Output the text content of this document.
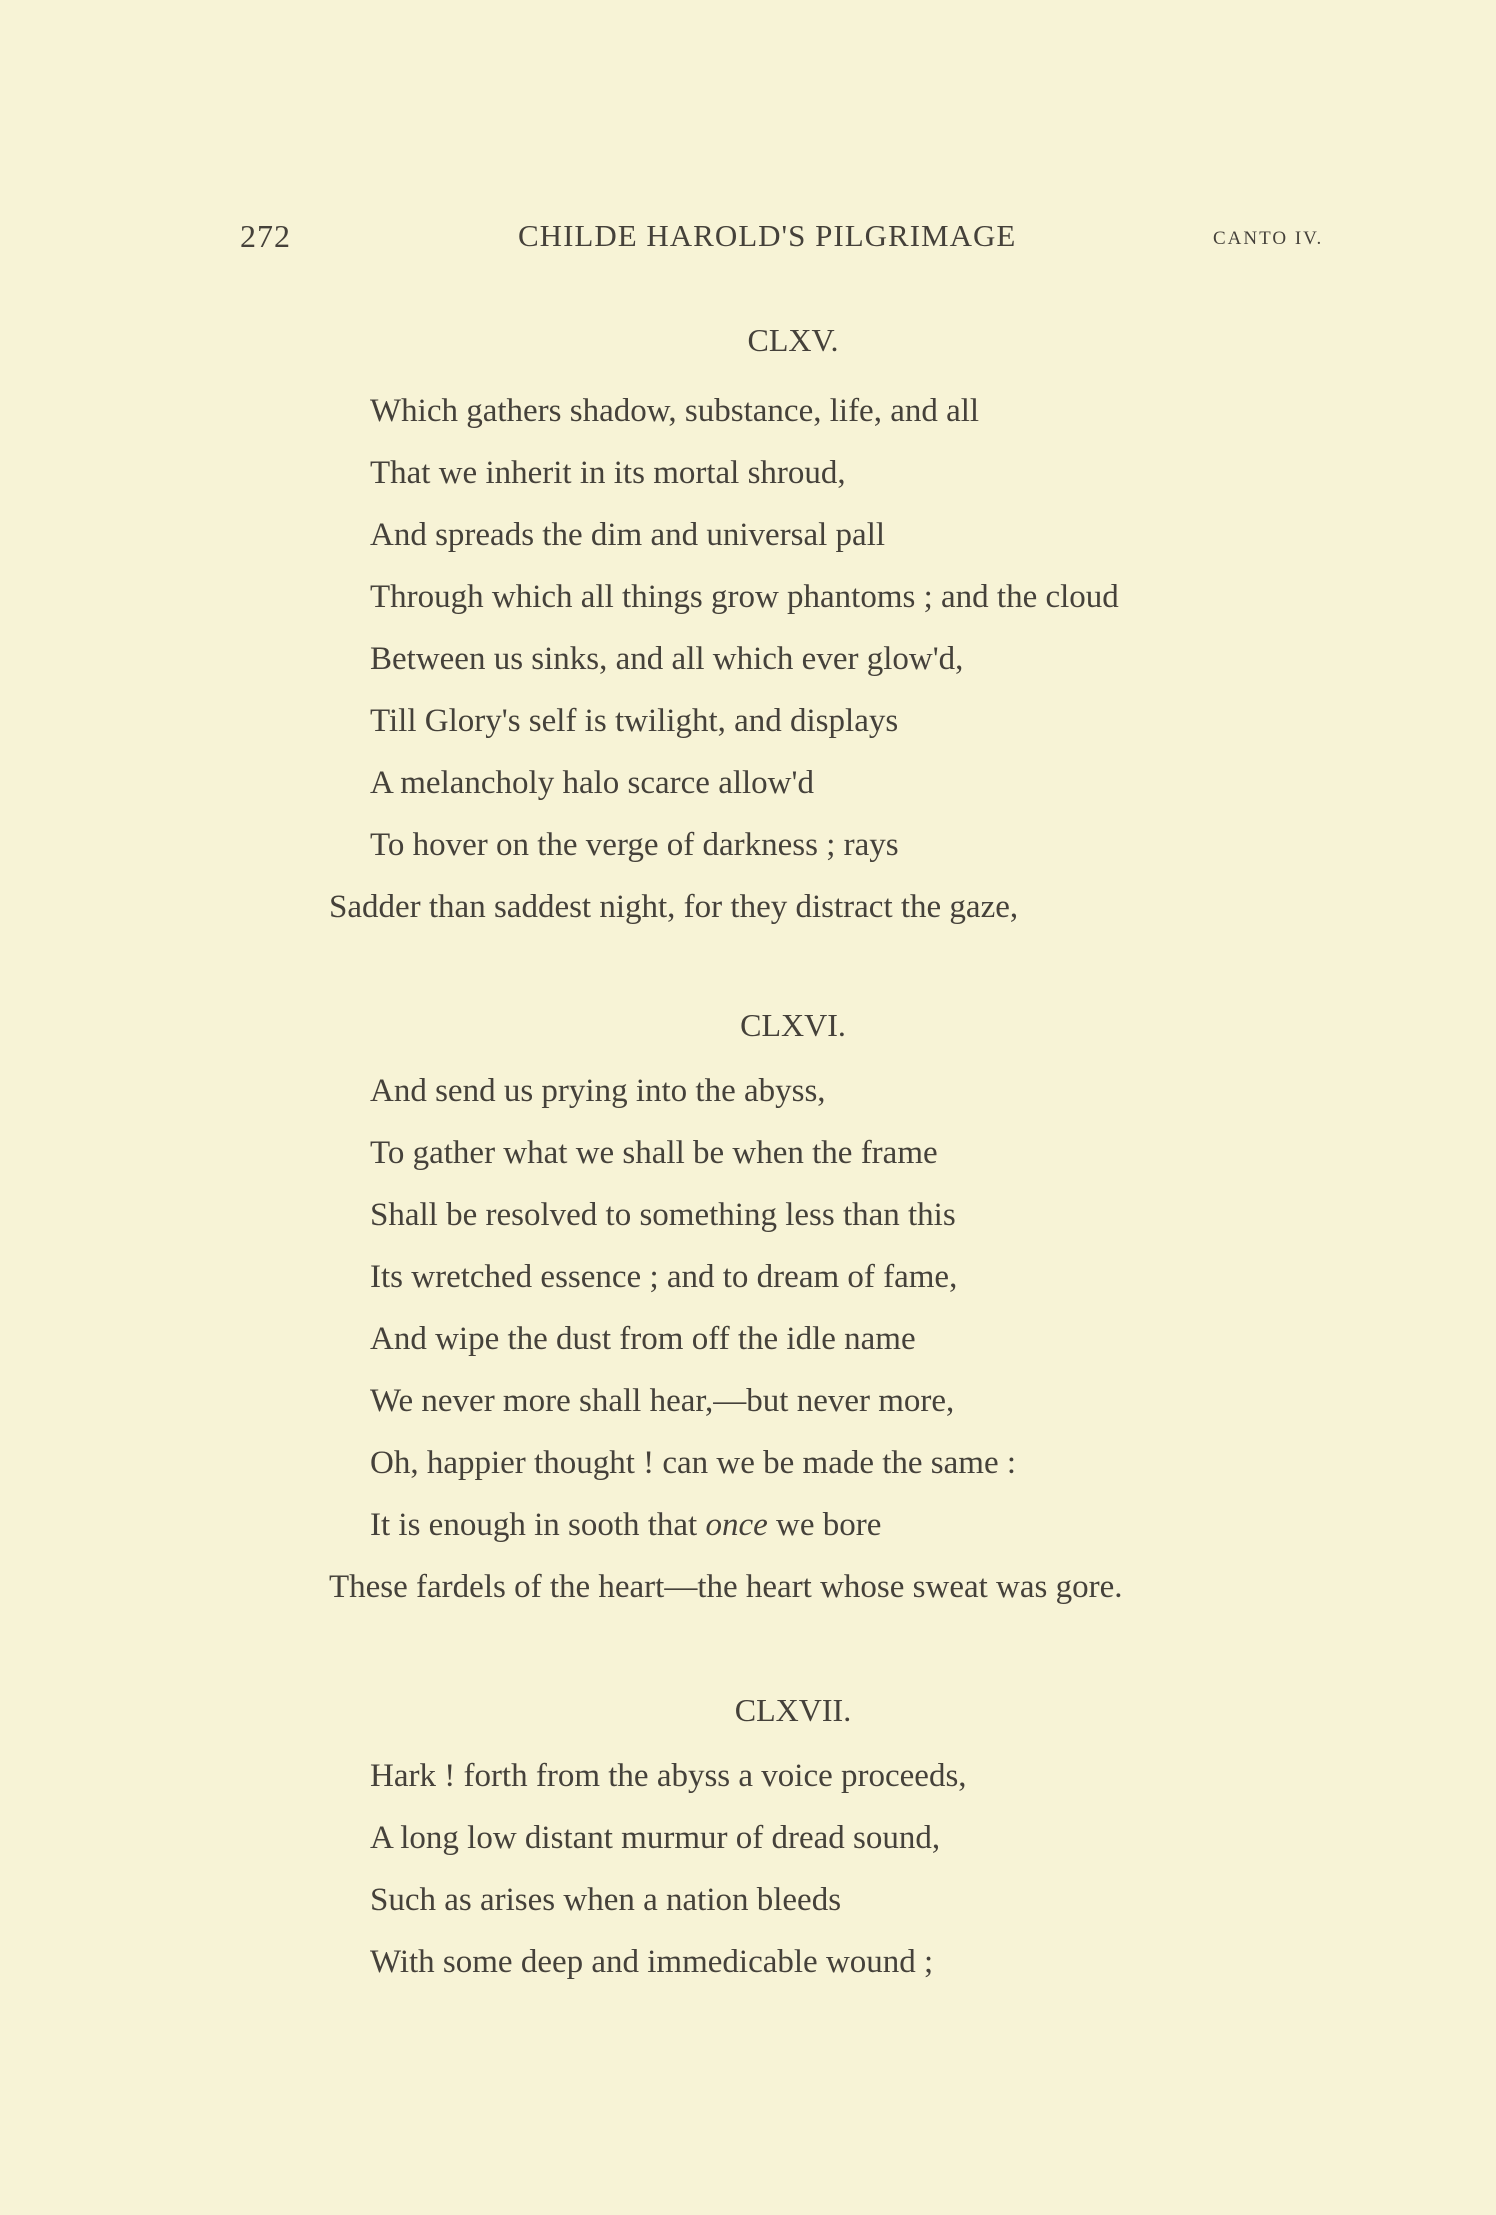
272	CHILDE HAROLD'S PILGRIMAGE	CANTO IV.
CLXV.
Which gathers shadow, substance, life, and all
That we inherit in its mortal shroud,
And spreads the dim and universal pall
Through which all things grow phantoms ; and the cloud
Between us sinks, and all which ever glow'd,
Till Glory's self is twilight, and displays
A melancholy halo scarce allow'd
To hover on the verge of darkness ; rays
Sadder than saddest night, for they distract the gaze,
CLXVI.
And send us prying into the abyss,
To gather what we shall be when the frame
Shall be resolved to something less than this
Its wretched essence ; and to dream of fame,
And wipe the dust from off the idle name
We never more shall hear,—but never more,
Oh, happier thought ! can we be made the same :
It is enough in sooth that once we bore
These fardels of the heart—the heart whose sweat was gore.
CLXVII.
Hark ! forth from the abyss a voice proceeds,
A long low distant murmur of dread sound,
Such as arises when a nation bleeds
With some deep and immedicable wound ;
